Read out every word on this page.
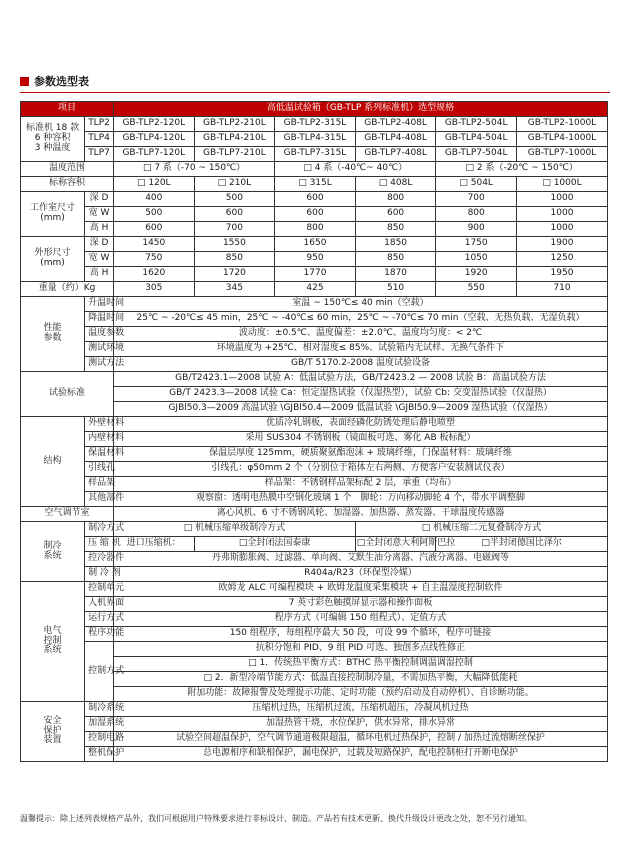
参数选型表
项目		高低温试验箱（GB-TLP 系列标准机）选型规格					
标准机 18 款
6 种容积
3 种温度	TLP2	GB-TLP2-120L	GB-TLP2-210L	GB-TLP2-315L	GB-TLP2-408L	GB-TLP2-504L	GB-TLP2-1000L
	TLP4	GB-TLP4-120L	GB-TLP4-210L	GB-TLP4-315L	GB-TLP4-408L	GB-TLP4-504L	GB-TLP4-1000L
	TLP7	GB-TLP7-120L	GB-TLP7-210L	GB-TLP7-315L	GB-TLP7-408L	GB-TLP7-504L	GB-TLP7-1000L
温度范围		□ 7 系（-70 ~ 150℃）		□ 4 系（-40℃~ 40℃）		□ 2 系（-20℃ ~ 150℃）	
标称容积		□ 120L	□ 210L	□ 315L	□ 408L	□ 504L	□ 1000L
工作室尺寸
(mm)	深 D	400	500	600	800	700	1000
	宽 W	500	600	600	600	800	1000
	高 H	600	700	800	850	900	1000
外形尺寸
(mm)	深 D	1450	1550	1650	1850	1750	1900
	宽 W	750	850	950	850	1050	1250
	高 H	1620	1720	1770	1870	1920	1950
重量（约）Kg		305	345	425	510	550	710
性能
参数	升温时间	室温 ~ 150℃≤ 40 min（空载）					
	降温时间	25℃ ~ -20℃≤ 45 min，25℃ ~ -40℃≤ 60 min，25℃ ~ -70℃≤ 70 min（空载、无热负载、无湿负载）					
	温度参数	波动度：±0.5℃、温度偏差：±2.0℃、温度均匀度：< 2℃					
	测试环境	环境温度为 +25℃、相对湿度≤ 85%、试验箱内无试样、无换气条件下					
	测试方法	GB/T 5170.2-2008 温度试验设备					
试验标准		GB/T2423.1—2008 试验 A：低温试验方法，GB/T2423.2 — 2008 试验 B：高温试验方法					
		GB/T 2423.3—2008 试验 Ca：恒定湿热试验（仅湿热型），试验 Cb: 交变湿热试验（仅湿热）					
		GJBl50.3—2009 高温试验 \GJBl50.4—2009 低温试验 \GJBl50.9—2009 湿热试验（仅湿热）					
结构	外壁材料	优质冷轧钢板，表面经磷化防锈处理后静电喷塑					
	内壁材料	采用 SUS304 不锈钢板（镜面板可选、雾化 AB 板标配）					
	保温材料	保温层厚度 125mm，硬质聚氨酯泡沫 + 玻璃纤维，门保温材料：玻璃纤维					
	引线孔	引线孔：φ50mm 2 个（分别位于箱体左右两侧、方便客户安装测试仪表）					
	样品架	样品架：不锈钢样品架标配 2 层，承重（均布）					
	其他部件	观察窗：透明电热膜中空钢化玻璃 1 个　脚轮：万向移动脚轮 4 个，带水平调整脚					
空气调节室		离心风机、6 寸不锈钢风轮、加湿器、加热器、蒸发器、干球温度传感器					
制冷
系统	制冷方式	□ 机械压缩单级制冷方式			□ 机械压缩二元复叠制冷方式		
	压 缩 机	进口压缩机：	□全封闭法国泰康		□全封闭意大利阿斯巴拉	□半封闭德国比泽尔	
	控冷器件	丹弗斯膨胀阀、过滤器、单向阀、艾默生油分离器、汽液分离器、电磁阀等					
	制 冷 剂	R404a/R23（环保型冷媒）					
电气
控制
系统	控制单元	欧姆龙 ALC 可编程模块 + 欧姆龙温度采集模块 + 自主温湿度控制软件					
	人机界面	7 英寸彩色触摸屏显示器和操作面板					
	运行方式	程序方式（可编辑 150 组程式）、定值方式					
	程序功能	150 组程序，每组程序最大 50 段，可设 99 个循环，程序可链接					
	控制方式	抗积分饱和 PID、9 组 PID 可选、独创多点线性修正					
		□ 1．传统热平衡方式：BTHC 热平衡控制调温调湿控制					
		□ 2．新型冷端节能方式：低温直接控制制冷量，不需加热平衡，大幅降低能耗					
		附加功能：故障报警及处理提示功能、定时功能（预约启动及自动停机）、自诊断功能。					
安全
保护
装置	制冷系统	压缩机过热，压缩机过流，压缩机超压，冷凝风机过热					
	加湿系统	加湿热管干烧，水位保护，供水异常，排水异常					
	控制电路	试验空间超温保护，空气调节通道极限超温，循环电机过热保护，控制 / 加热过流熔断丝保护					
	整机保护	总电源相序和缺相保护，漏电保护，过载及短路保护，配电控制柜打开断电保护					
温馨提示：除上述列表规格产品外，我们可根据用户特殊要求进行非标设计、制造。产品若有技术更新、换代升级设计更改之处，恕不另行通知。
